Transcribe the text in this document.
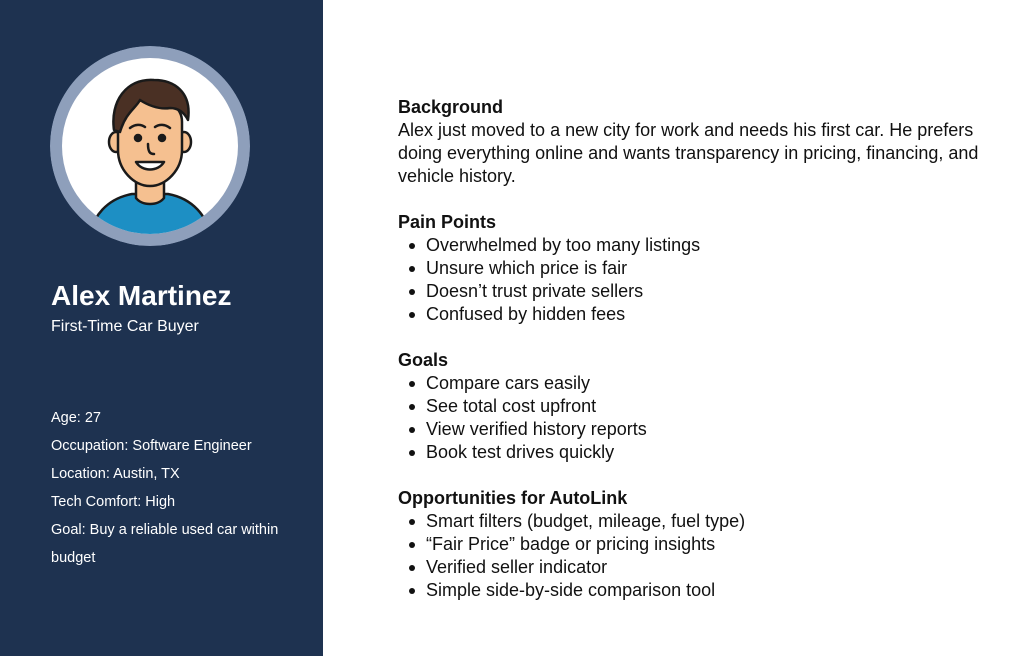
Alex Martinez
First-Time Car Buyer
Age: 27
Occupation: Software Engineer
Location: Austin, TX
Tech Comfort: High
Goal: Buy a reliable used car within budget
Background

Alex just moved to a new city for work and needs his first car. He prefers doing everything online and wants transparency in pricing, financing, and vehicle history.

Pain Points
Overwhelmed by too many listings
Unsure which price is fair
Doesn’t trust private sellers
Confused by hidden fees
Goals
Compare cars easily
See total cost upfront
View verified history reports
Book test drives quickly
Opportunities for AutoLink
Smart filters (budget, mileage, fuel type)
“Fair Price” badge or pricing insights
Verified seller indicator
Simple side-by-side comparison tool
